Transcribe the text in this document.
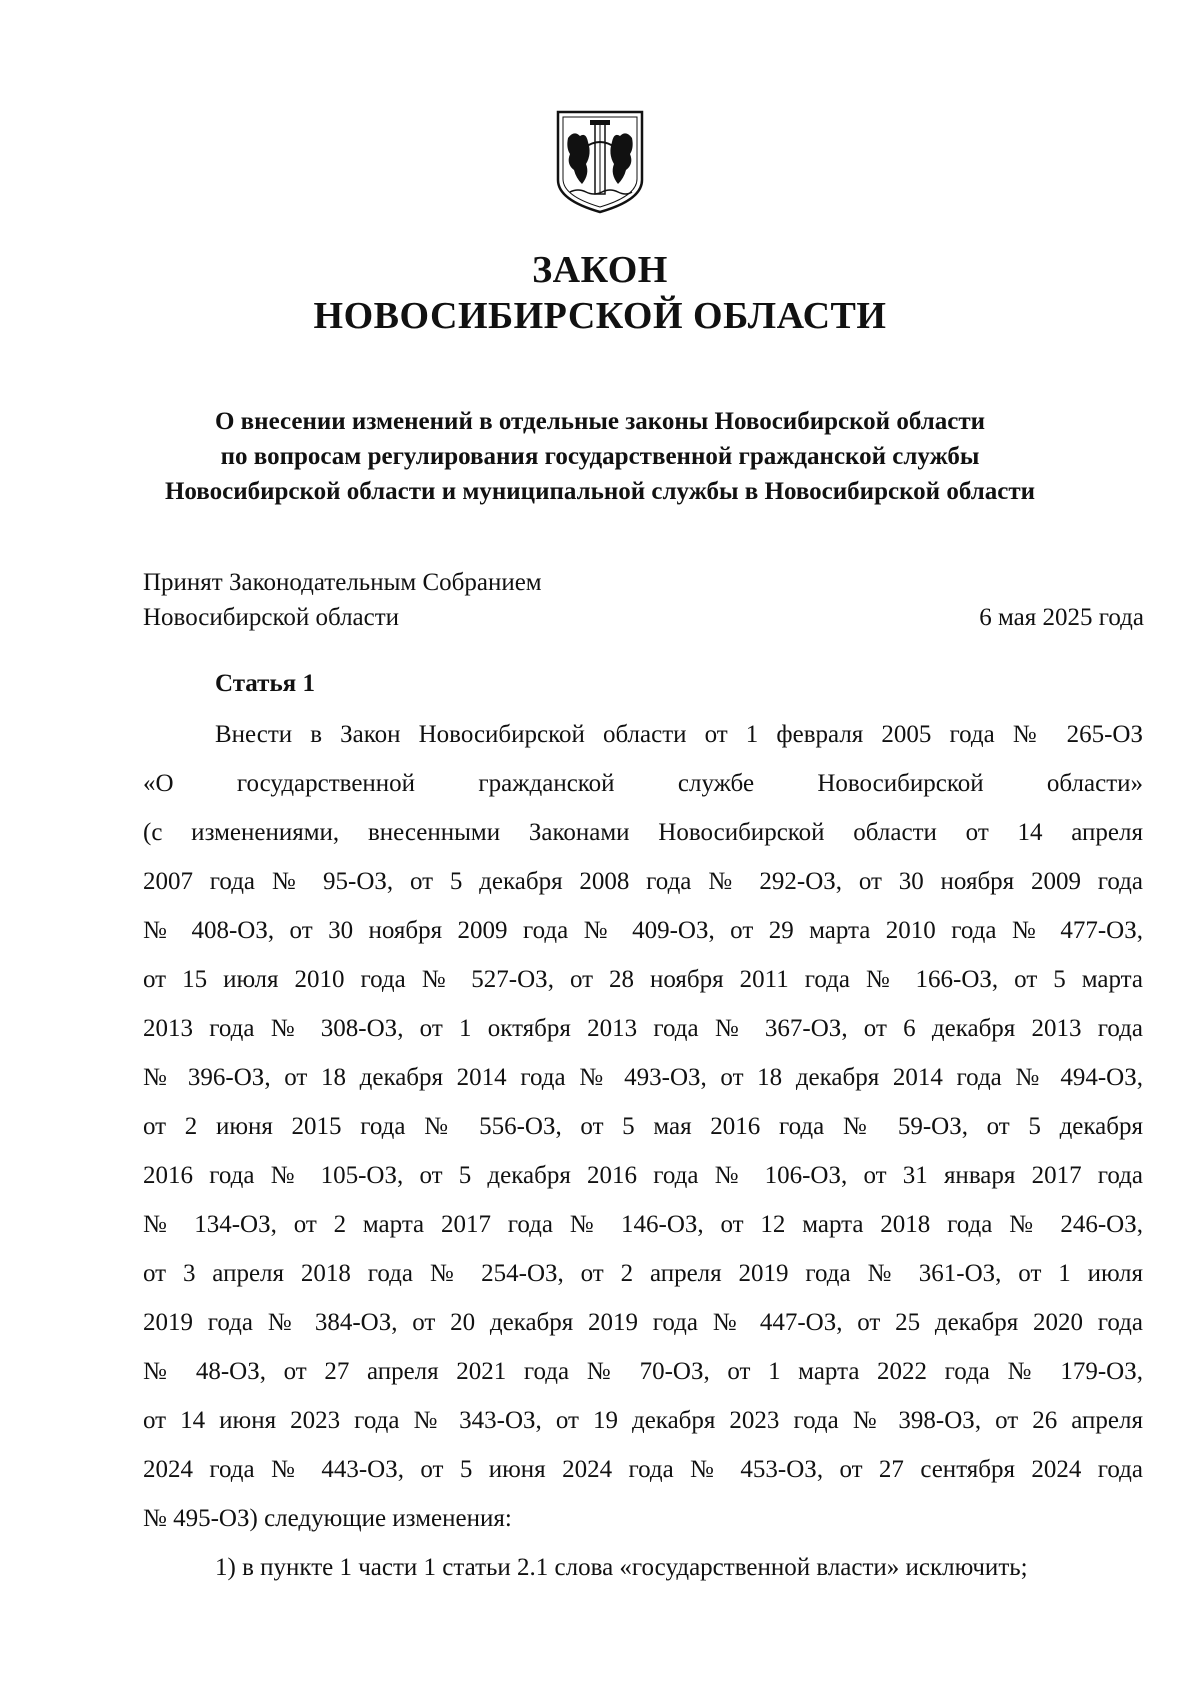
ЗАКОН
НОВОСИБИРСКОЙ ОБЛАСТИ
О внесении изменений в отдельные законы Новосибирской области
по вопросам регулирования государственной гражданской службы
Новосибирской области и муниципальной службы в Новосибирской области
Принят Законодательным Собранием
Новосибирской области	6 мая 2025 года
Статья 1
Внести в Закон Новосибирской области от 1 февраля 2005 года № 265-ОЗ
«О государственной гражданской службе Новосибирской области»
(с изменениями, внесенными Законами Новосибирской области от 14 апреля
2007 года № 95-ОЗ, от 5 декабря 2008 года № 292-ОЗ, от 30 ноября 2009 года
№ 408-ОЗ, от 30 ноября 2009 года № 409-ОЗ, от 29 марта 2010 года № 477-ОЗ,
от 15 июля 2010 года № 527-ОЗ, от 28 ноября 2011 года № 166-ОЗ, от 5 марта
2013 года № 308-ОЗ, от 1 октября 2013 года № 367-ОЗ, от 6 декабря 2013 года
№ 396-ОЗ, от 18 декабря 2014 года № 493-ОЗ, от 18 декабря 2014 года № 494-ОЗ,
от 2 июня 2015 года № 556-ОЗ, от 5 мая 2016 года № 59-ОЗ, от 5 декабря
2016 года № 105-ОЗ, от 5 декабря 2016 года № 106-ОЗ, от 31 января 2017 года
№ 134-ОЗ, от 2 марта 2017 года № 146-ОЗ, от 12 марта 2018 года № 246-ОЗ,
от 3 апреля 2018 года № 254-ОЗ, от 2 апреля 2019 года № 361-ОЗ, от 1 июля
2019 года № 384-ОЗ, от 20 декабря 2019 года № 447-ОЗ, от 25 декабря 2020 года
№ 48-ОЗ, от 27 апреля 2021 года № 70-ОЗ, от 1 марта 2022 года № 179-ОЗ,
от 14 июня 2023 года № 343-ОЗ, от 19 декабря 2023 года № 398-ОЗ, от 26 апреля
2024 года № 443-ОЗ, от 5 июня 2024 года № 453-ОЗ, от 27 сентября 2024 года
№ 495-ОЗ) следующие изменения:
1) в пункте 1 части 1 статьи 2.1 слова «государственной власти» исключить;
